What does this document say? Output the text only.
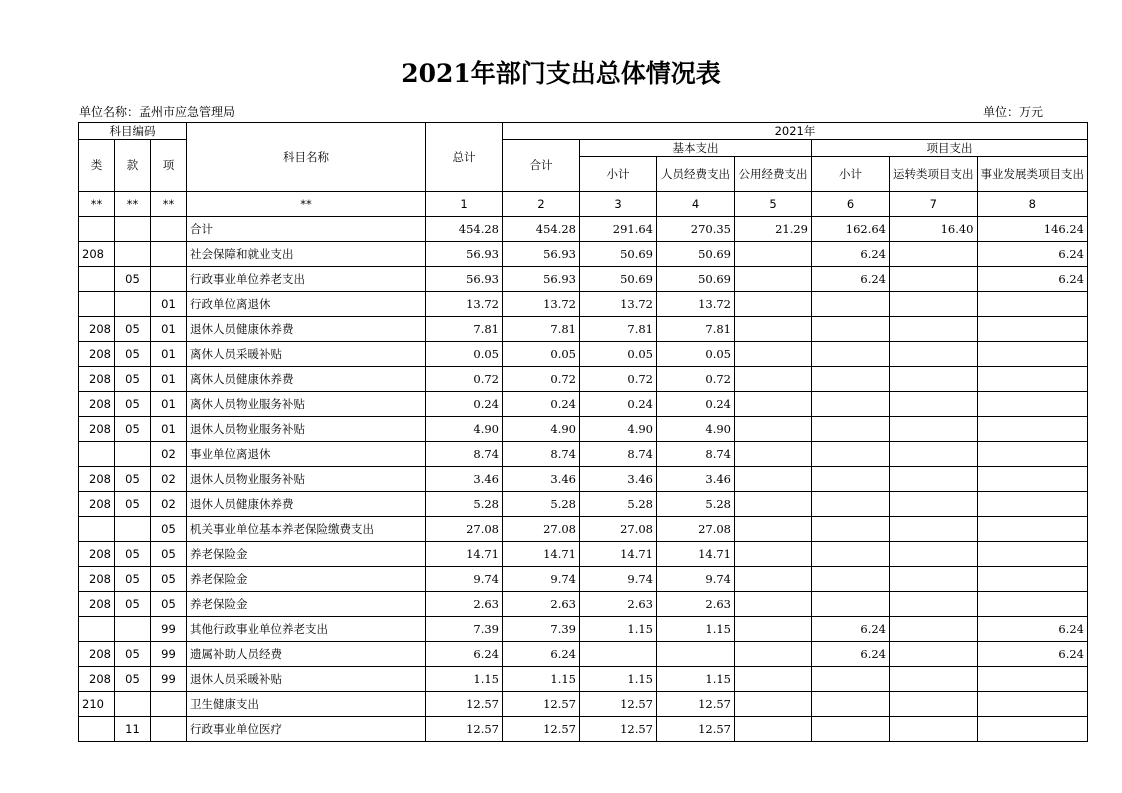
2021年部门支出总体情况表
单位名称：孟州市应急管理局	单位：万元
科目编码			科目名称	总计	2021年						
类	款	项			合计	基本支出			项目支出		
						小计	人员经费支出	公用经费支出	小计	运转类项目支出	事业发展类项目支出
**	**	**	**	1	2	3	4	5	6	7	8
			合计	454.28	454.28	291.64	270.35	21.29	162.64	16.40	146.24
208			社会保障和就业支出	56.93	56.93	50.69	50.69		6.24		6.24
	05		行政事业单位养老支出	56.93	56.93	50.69	50.69		6.24		6.24
		01	行政单位离退休	13.72	13.72	13.72	13.72				
208	05	01	退休人员健康休养费	7.81	7.81	7.81	7.81				
208	05	01	离休人员采暖补贴	0.05	0.05	0.05	0.05				
208	05	01	离休人员健康休养费	0.72	0.72	0.72	0.72				
208	05	01	离休人员物业服务补贴	0.24	0.24	0.24	0.24				
208	05	01	退休人员物业服务补贴	4.90	4.90	4.90	4.90				
		02	事业单位离退休	8.74	8.74	8.74	8.74				
208	05	02	退休人员物业服务补贴	3.46	3.46	3.46	3.46				
208	05	02	退休人员健康休养费	5.28	5.28	5.28	5.28				
		05	机关事业单位基本养老保险缴费支出	27.08	27.08	27.08	27.08				
208	05	05	养老保险金	14.71	14.71	14.71	14.71				
208	05	05	养老保险金	9.74	9.74	9.74	9.74				
208	05	05	养老保险金	2.63	2.63	2.63	2.63				
		99	其他行政事业单位养老支出	7.39	7.39	1.15	1.15		6.24		6.24
208	05	99	遗属补助人员经费	6.24	6.24				6.24		6.24
208	05	99	退休人员采暖补贴	1.15	1.15	1.15	1.15				
210			卫生健康支出	12.57	12.57	12.57	12.57				
	11		行政事业单位医疗	12.57	12.57	12.57	12.57				
